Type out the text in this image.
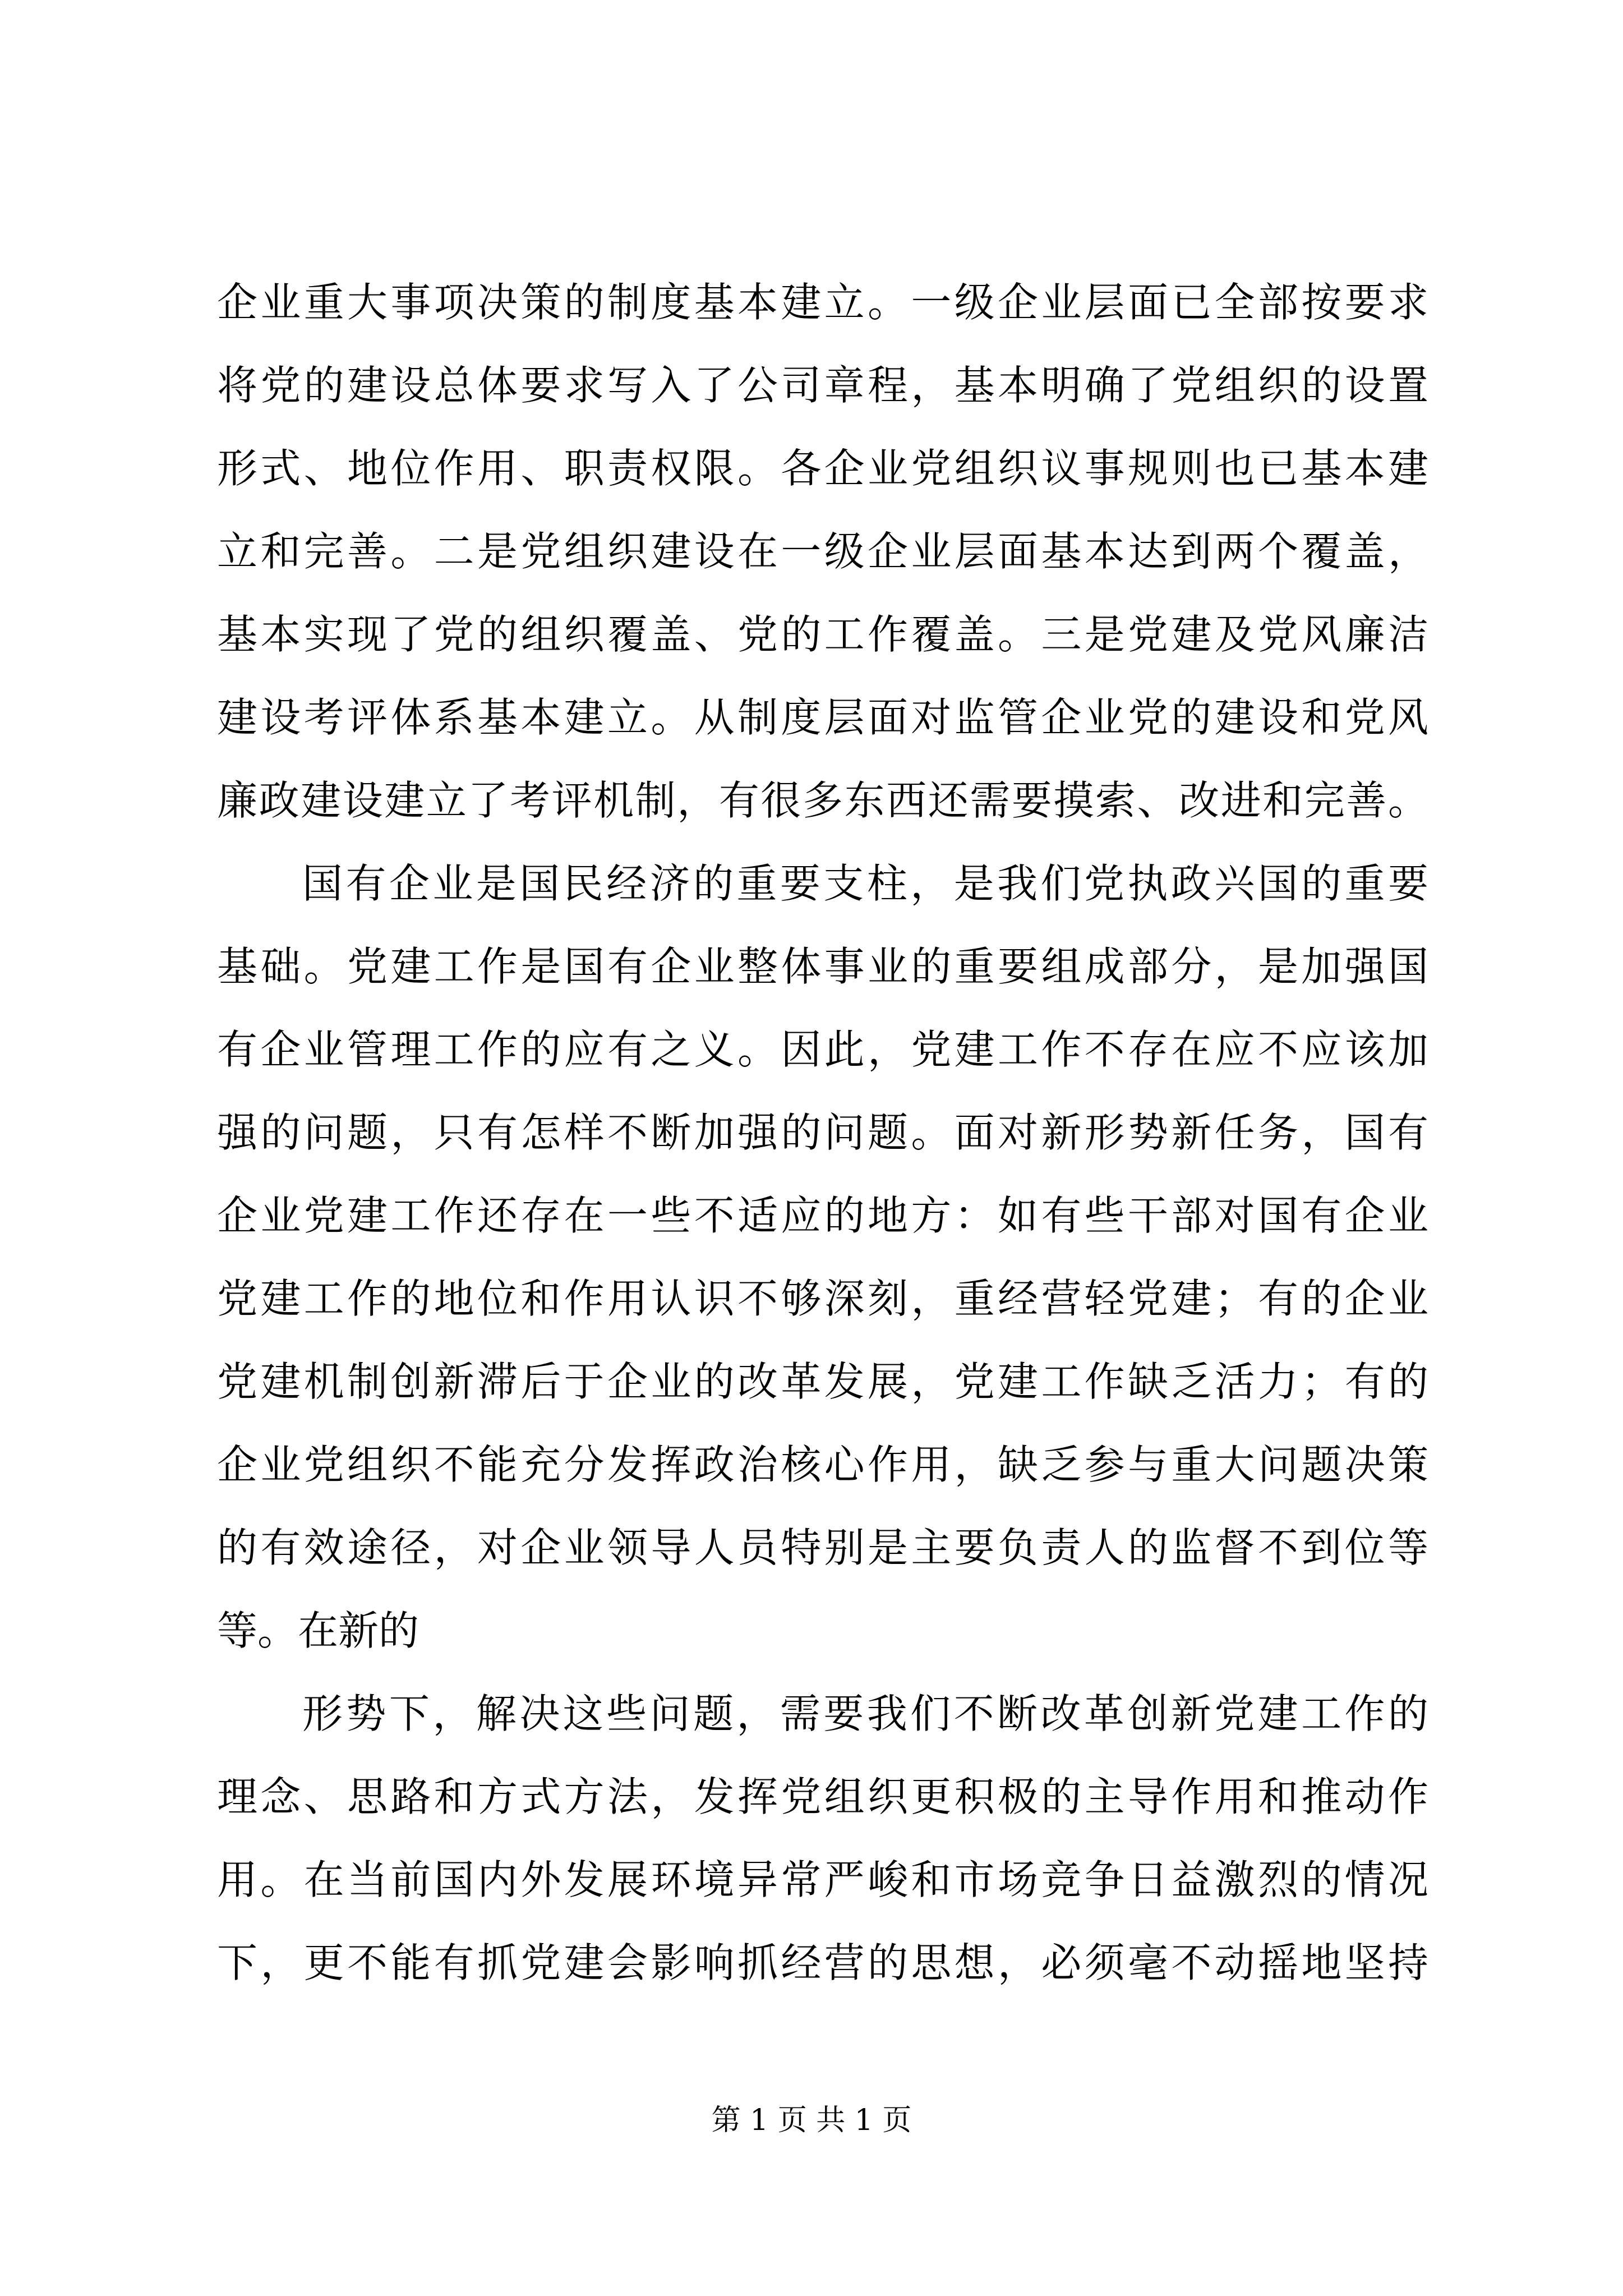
企业重大事项决策的制度基本建立。一级企业层面已全部按要求
将党的建设总体要求写入了公司章程，基本明确了党组织的设置
形式、地位作用、职责权限。各企业党组织议事规则也已基本建
立和完善。二是党组织建设在一级企业层面基本达到两个覆盖，
基本实现了党的组织覆盖、党的工作覆盖。三是党建及党风廉洁
建设考评体系基本建立。从制度层面对监管企业党的建设和党风
廉政建设建立了考评机制，有很多东西还需要摸索、改进和完善。
国有企业是国民经济的重要支柱，是我们党执政兴国的重要
基础。党建工作是国有企业整体事业的重要组成部分，是加强国
有企业管理工作的应有之义。因此，党建工作不存在应不应该加
强的问题，只有怎样不断加强的问题。面对新形势新任务，国有
企业党建工作还存在一些不适应的地方：如有些干部对国有企业
党建工作的地位和作用认识不够深刻，重经营轻党建；有的企业
党建机制创新滞后于企业的改革发展，党建工作缺乏活力；有的
企业党组织不能充分发挥政治核心作用，缺乏参与重大问题决策
的有效途径，对企业领导人员特别是主要负责人的监督不到位等
等。在新的
形势下，解决这些问题，需要我们不断改革创新党建工作的
理念、思路和方式方法，发挥党组织更积极的主导作用和推动作
用。在当前国内外发展环境异常严峻和市场竞争日益激烈的情况
下，更不能有抓党建会影响抓经营的思想，必须毫不动摇地坚持
第 1 页 共 1 页
